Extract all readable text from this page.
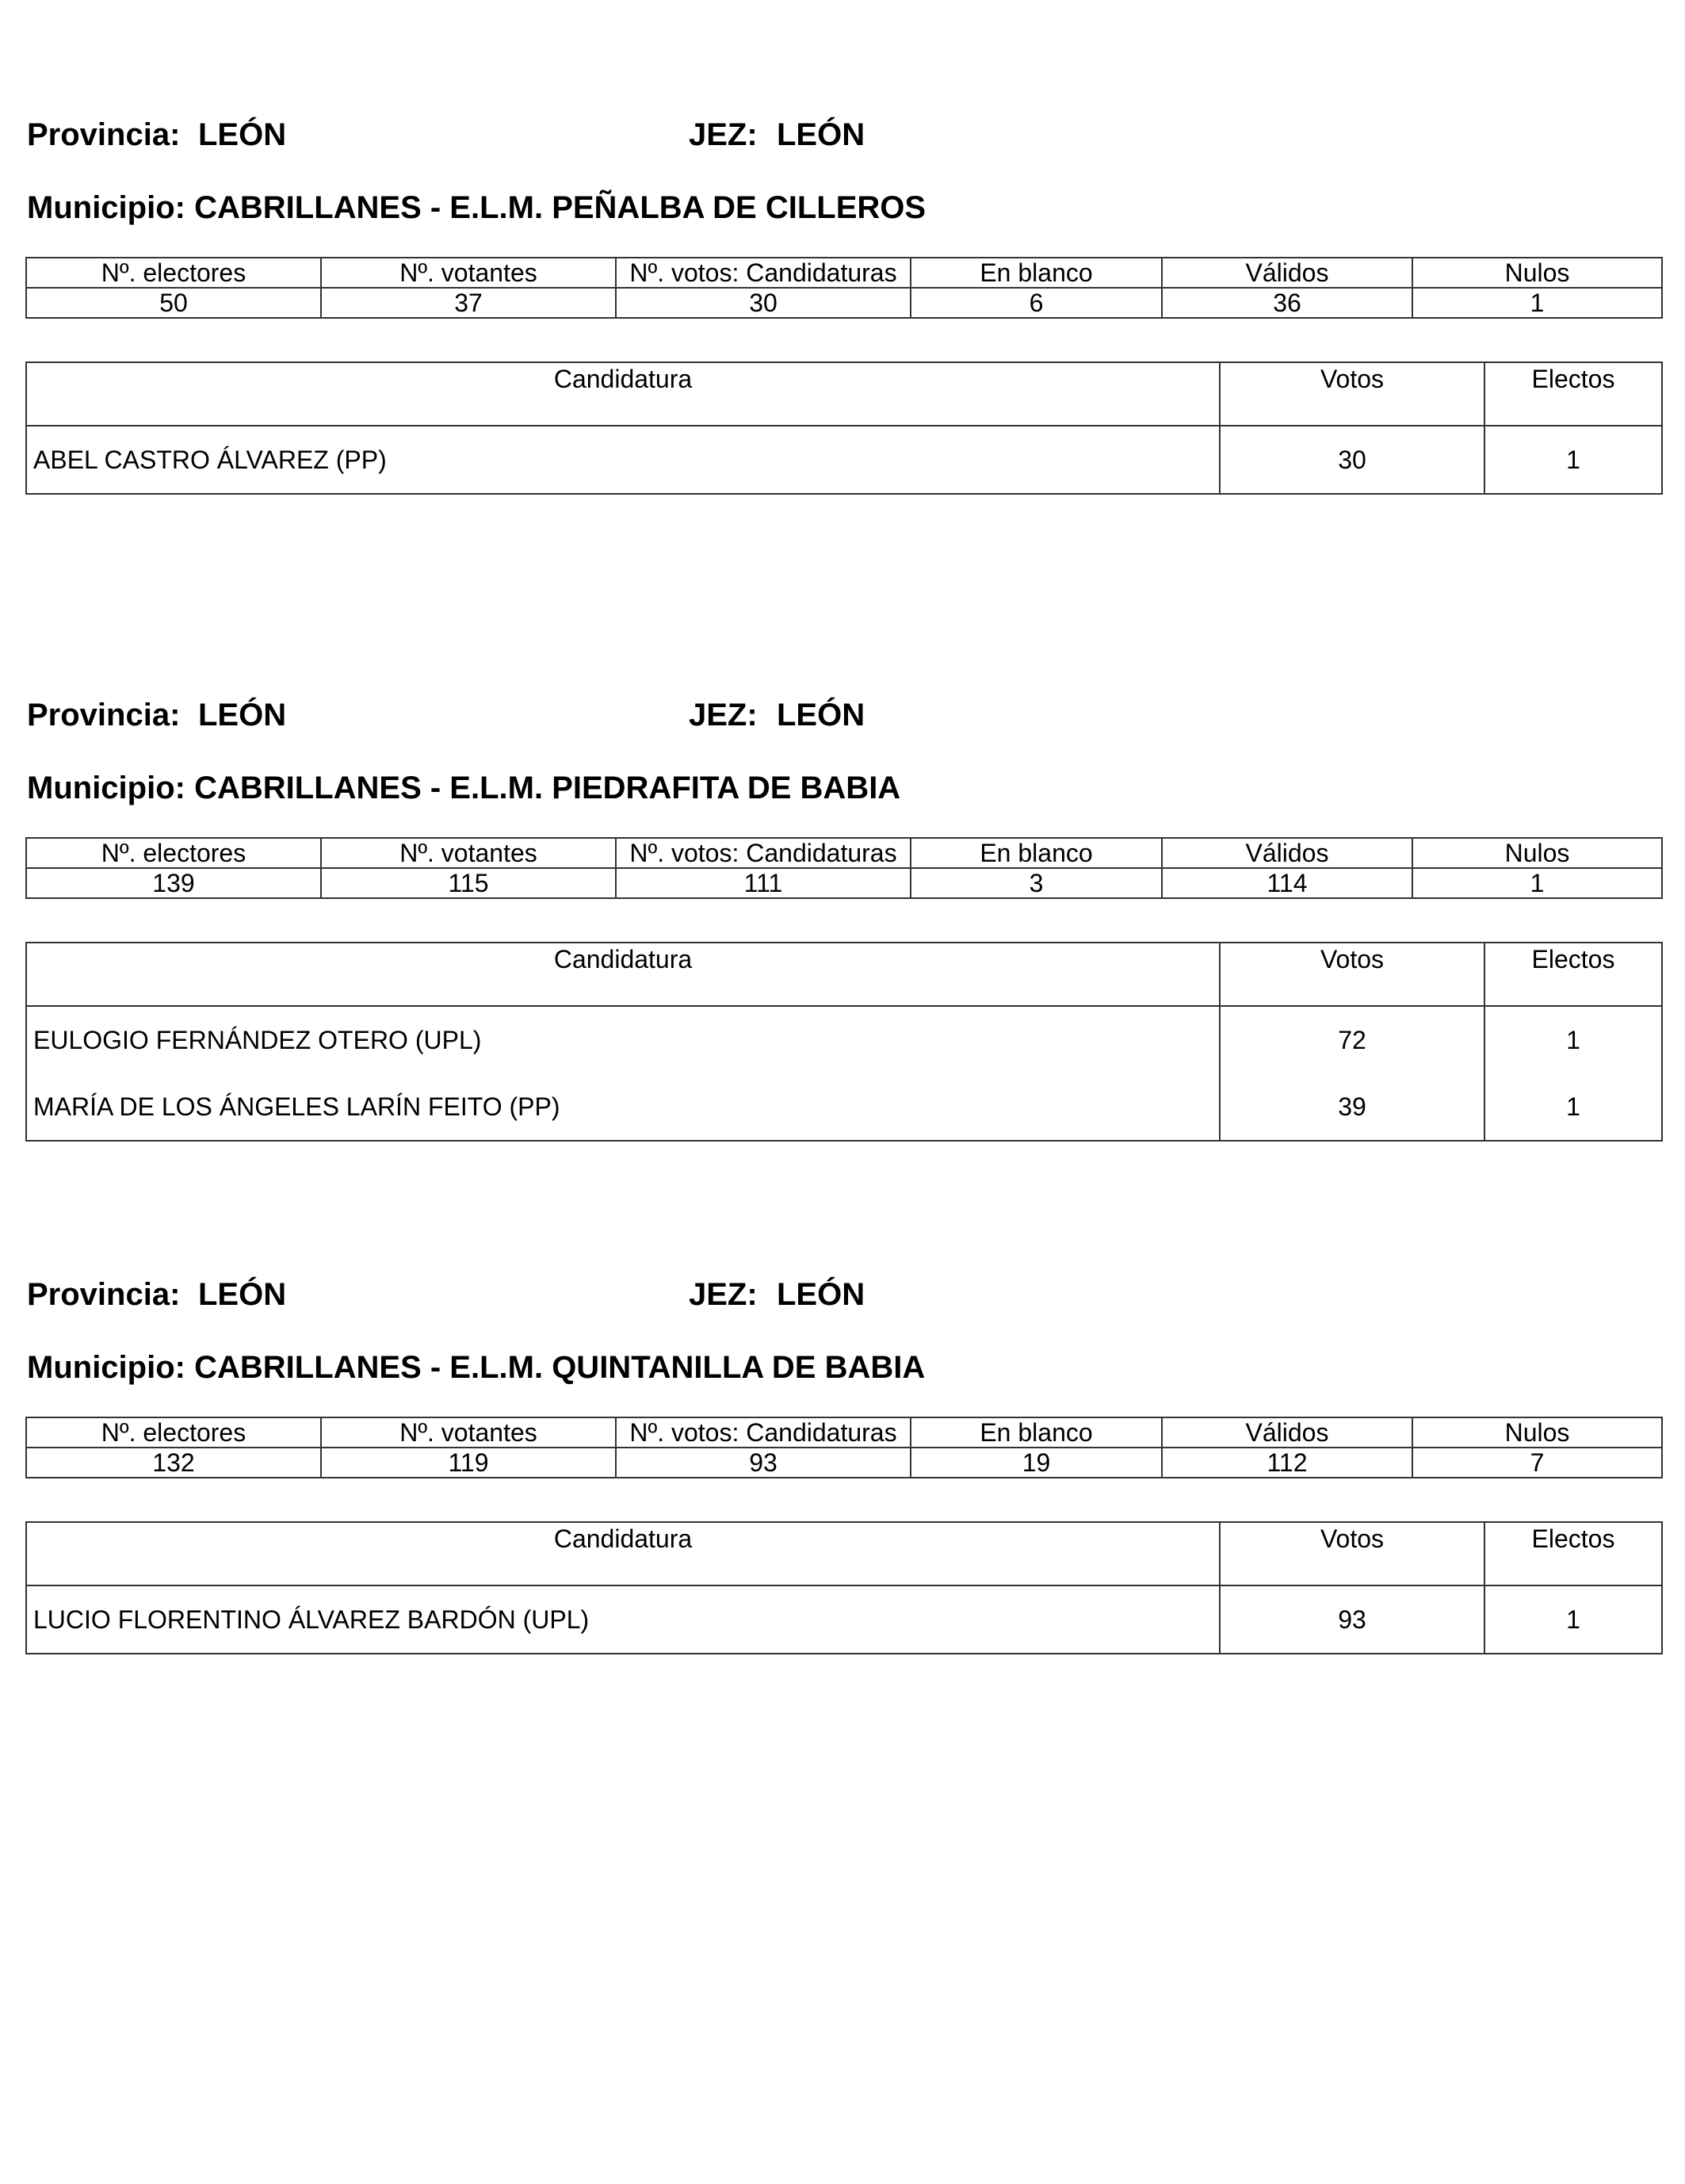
Provincia: LEÓN	JEZ: LEÓN
Municipio: CABRILLANES - E.L.M. PEÑALBA DE CILLEROS
Nº. electores	Nº. votantes	Nº. votos: Candidaturas	En blanco	Válidos	Nulos
50	37	30	6	36	1
Candidatura	Votos	Electos
ABEL CASTRO ÁLVAREZ (PP)	30	1
Provincia: LEÓN	JEZ: LEÓN
Municipio: CABRILLANES - E.L.M. PIEDRAFITA DE BABIA
Nº. electores	Nº. votantes	Nº. votos: Candidaturas	En blanco	Válidos	Nulos
139	115	111	3	114	1
Candidatura	Votos	Electos
EULOGIO FERNÁNDEZ OTERO (UPL)	72	1
MARÍA DE LOS ÁNGELES LARÍN FEITO (PP)	39	1
Provincia: LEÓN	JEZ: LEÓN
Municipio: CABRILLANES - E.L.M. QUINTANILLA DE BABIA
Nº. electores	Nº. votantes	Nº. votos: Candidaturas	En blanco	Válidos	Nulos
132	119	93	19	112	7
Candidatura	Votos	Electos
LUCIO FLORENTINO ÁLVAREZ BARDÓN (UPL)	93	1
